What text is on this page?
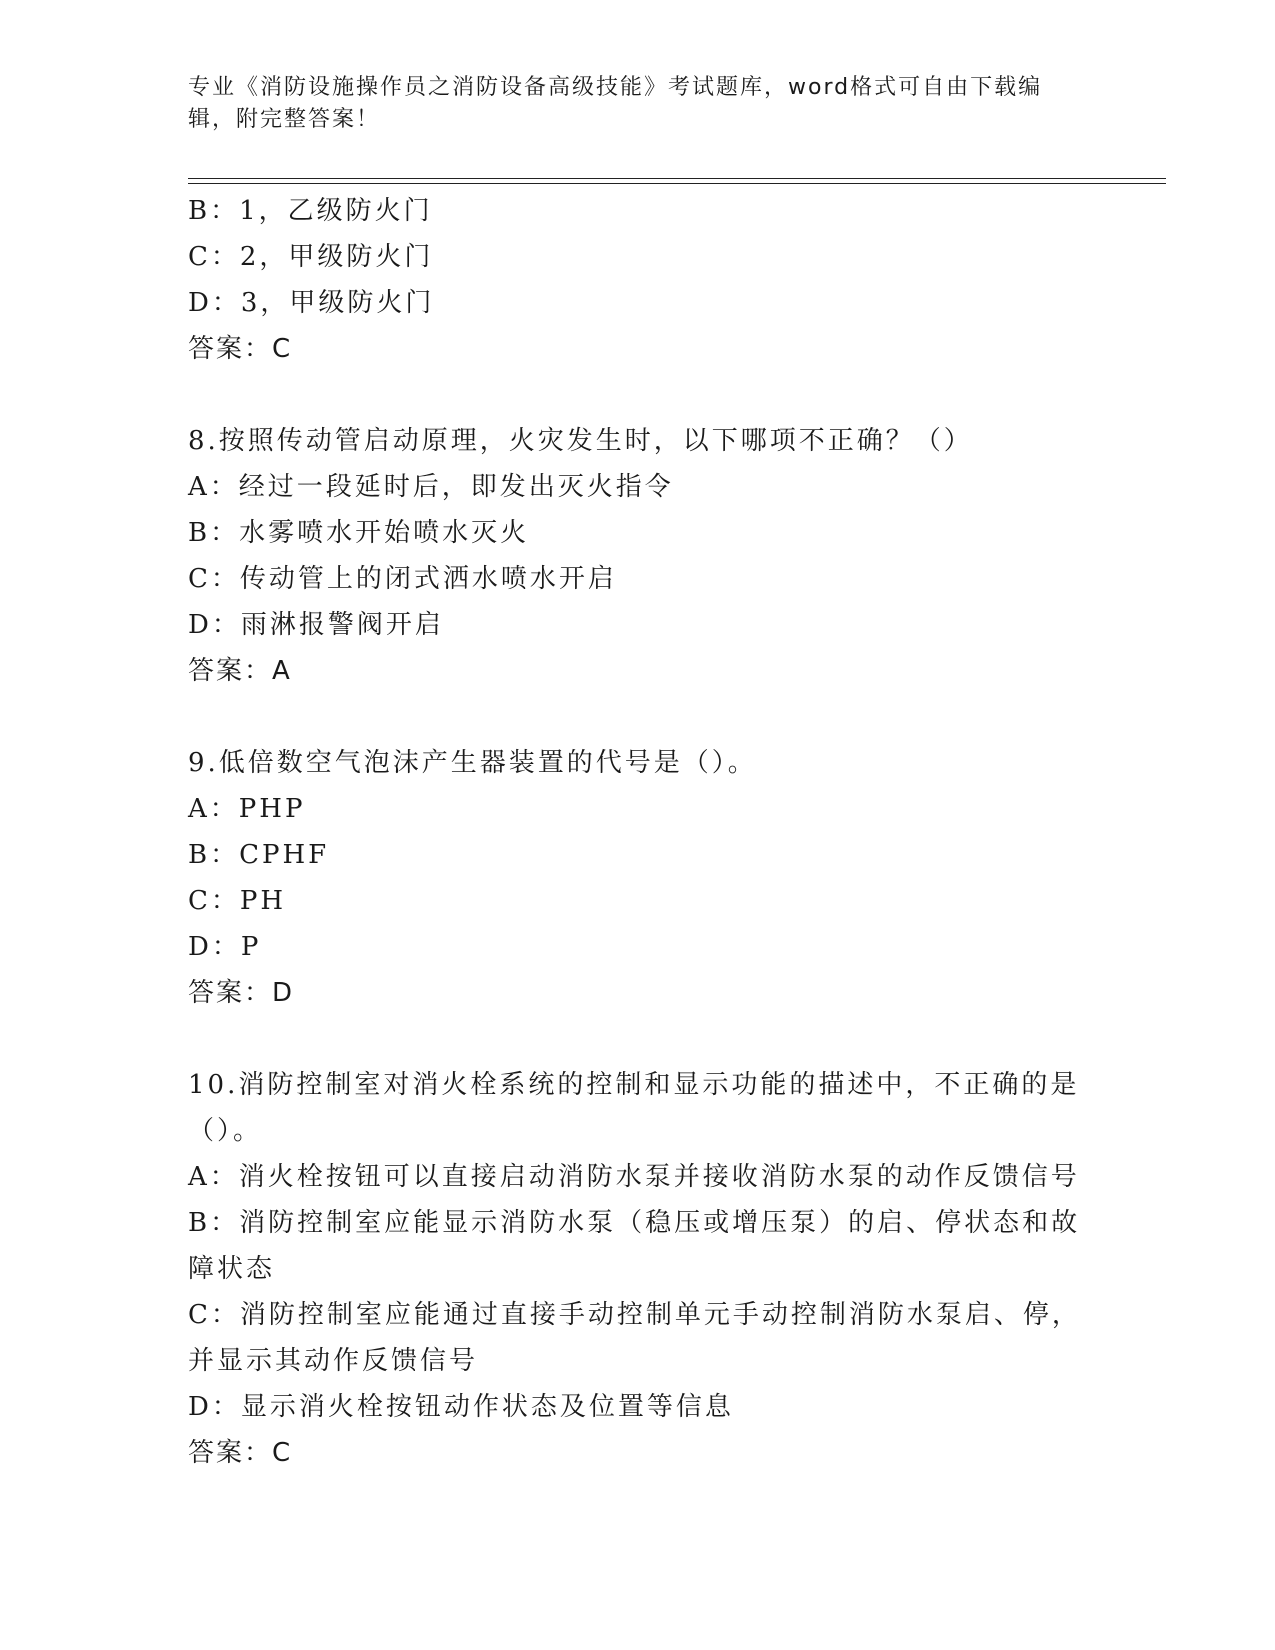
专业《消防设施操作员之消防设备高级技能》考试题库，word格式可自由下载编辑，附完整答案！
B：1，乙级防火门
C：2，甲级防火门
D：3，甲级防火门
答案：C
8.按照传动管启动原理，火灾发生时，以下哪项不正确？（）
A：经过一段延时后，即发出灭火指令
B：水雾喷水开始喷水灭火
C：传动管上的闭式洒水喷水开启
D：雨淋报警阀开启
答案：A
9.低倍数空气泡沫产生器装置的代号是（）。
A：PHP
B：CPHF
C：PH
D：P
答案：D
10.消防控制室对消火栓系统的控制和显示功能的描述中，不正确的是（）。
A：消火栓按钮可以直接启动消防水泵并接收消防水泵的动作反馈信号
B：消防控制室应能显示消防水泵（稳压或增压泵）的启、停状态和故障状态
C：消防控制室应能通过直接手动控制单元手动控制消防水泵启、停，并显示其动作反馈信号
D：显示消火栓按钮动作状态及位置等信息
答案：C
